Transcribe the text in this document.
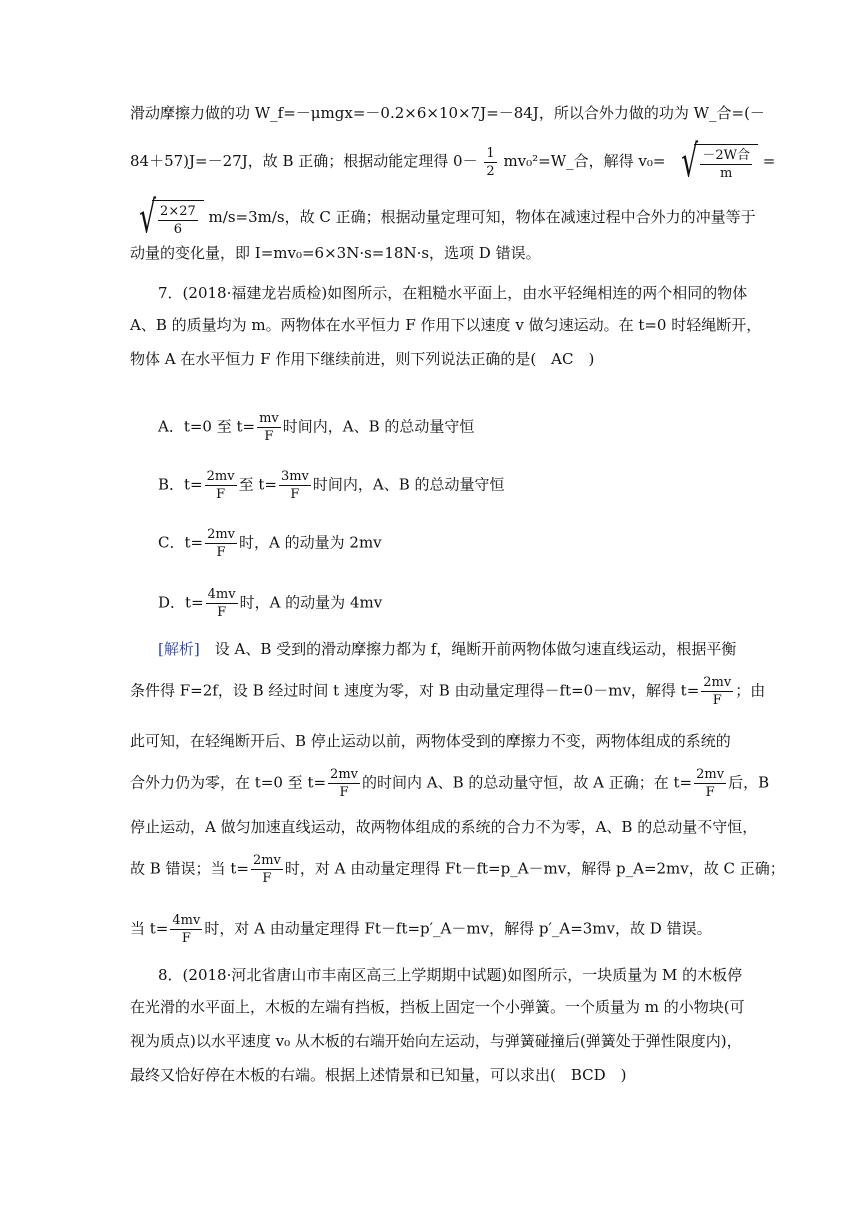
滑动摩擦力做的功 W_f=－μmgx=－0.2×6×10×7J=－84J，所以合外力做的功为 W_合=(－
84＋57)J=－27J，故 B 正确；根据动能定理得 $0- \frac{1}{2}$ mv₀²=W_合，解得 v₀= √ －2W合
m
=
√ $\frac{2\times 27}{6} m/s=3m/s$，故 C 正确；根据动量定理可知，物体在减速过程中合外力的冲量等于
动量的变化量，即 I=mv₀=6×3N·s=18N·s，选项 D 错误。
7．(2018·福建龙岩质检)如图所示，在粗糙水平面上，由水平轻绳相连的两个相同的物体
A、B 的质量均为 m。两物体在水平恒力 F 作用下以速度 v 做匀速运动。在 t=0 时轻绳断开，
物体 A 在水平恒力 F 作用下继续前进，则下列说法正确的是(　AC　)
A．t=0 至 $t= \frac{mv}{F}$ 时间内，A、B 的总动量守恒
B．$t= \frac{2mv}{F}$ 至 $t= \frac{3mv}{F}$ 时间内，A、B 的总动量守恒
C．$t= \frac{2mv}{F}$ 时，A 的动量为 2mv
D．$t= \frac{4mv}{F}$ 时，A 的动量为 4mv
[解析]　设 A、B 受到的滑动摩擦力都为 f，绳断开前两物体做匀速直线运动，根据平衡
条件得 F=2f，设 B 经过时间 t 速度为零，对 B 由动量定理得－ft=0－mv，解得 $t= \frac{2mv}{F}$ ；由
此可知，在轻绳断开后、B 停止运动以前，两物体受到的摩擦力不变，两物体组成的系统的
合外力仍为零，在 t=0 至 $t= \frac{2mv}{F}$ 的时间内 A、B 的总动量守恒，故 A 正确；在 $t= \frac{2mv}{F}$ 后，B
停止运动，A 做匀加速直线运动，故两物体组成的系统的合力不为零，A、B 的总动量不守恒，
故 B 错误；当 $t= \frac{2mv}{F}$ 时，对 A 由动量定理得 Ft－ft=p_A－mv，解得 p_A=2mv，故 C 正确；
当 $t= \frac{4mv}{F}$ 时，对 A 由动量定理得 Ft－ft=p′_A－mv，解得 p′_A=3mv，故 D 错误。
8．(2018·河北省唐山市丰南区高三上学期期中试题)如图所示，一块质量为 M 的木板停
在光滑的水平面上，木板的左端有挡板，挡板上固定一个小弹簧。一个质量为 m 的小物块(可
视为质点)以水平速度 v₀ 从木板的右端开始向左运动，与弹簧碰撞后(弹簧处于弹性限度内)，
最终又恰好停在木板的右端。根据上述情景和已知量，可以求出(　BCD　)
